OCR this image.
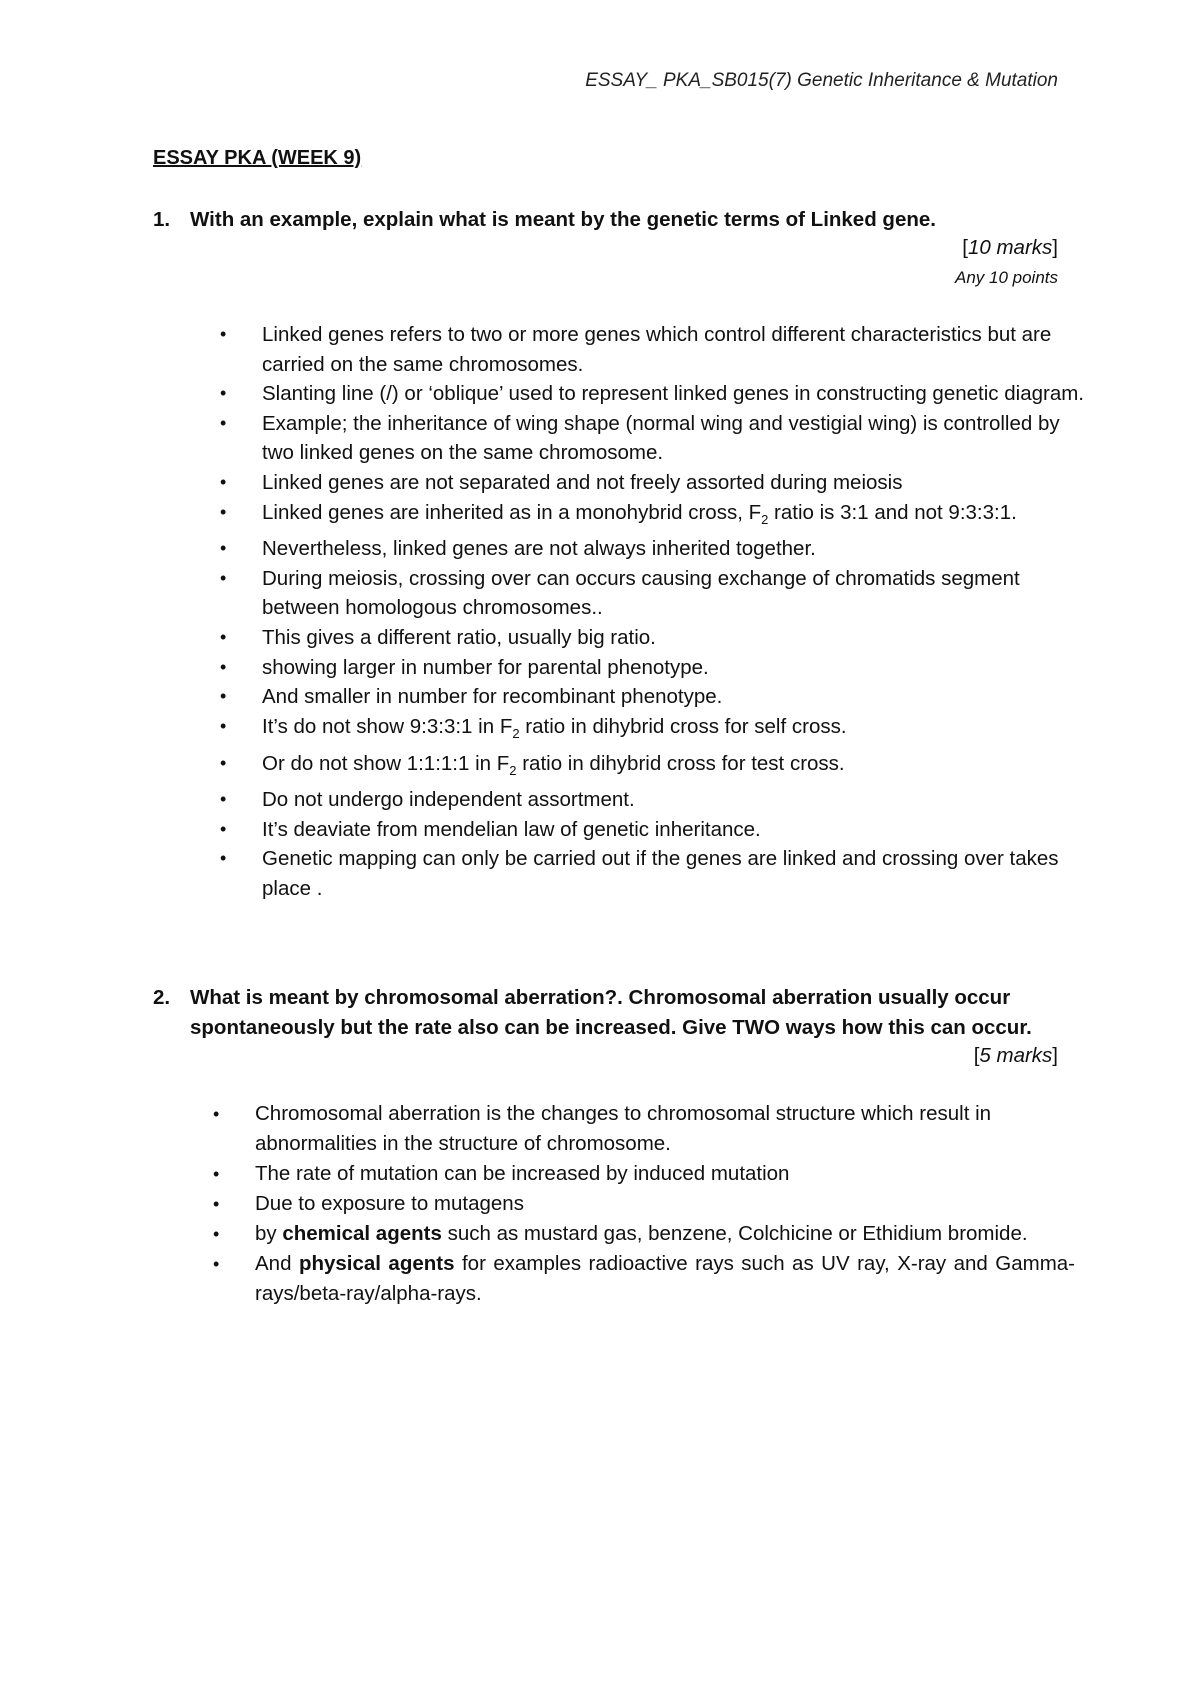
ESSAY_ PKA_SB015(7) Genetic Inheritance & Mutation
ESSAY PKA (WEEK 9)
1. With an example, explain what is meant by the genetic terms of Linked gene.
[10 marks]
Any 10 points
• Linked genes refers to two or more genes which control different characteristics but are carried on the same chromosomes.
• Slanting line (/) or ‘oblique’ used to represent linked genes in constructing genetic diagram.
• Example; the inheritance of wing shape (normal wing and vestigial wing) is controlled by two linked genes on the same chromosome.
• Linked genes are not separated and not freely assorted during meiosis
• Linked genes are inherited as in a monohybrid cross, $F_2$ ratio is 3:1 and not 9:3:3:1.
• Nevertheless, linked genes are not always inherited together.
• During meiosis, crossing over can occurs causing exchange of chromatids segment between homologous chromosomes..
• This gives a different ratio, usually big ratio.
• showing larger in number for parental phenotype.
• And smaller in number for recombinant phenotype.
• It’s do not show 9:3:3:1 in $F_2$ ratio in dihybrid cross for self cross.
• Or do not show 1:1:1:1 in $F_2$ ratio in dihybrid cross for test cross.
• Do not undergo independent assortment.
• It’s deaviate from mendelian law of genetic inheritance.
• Genetic mapping can only be carried out if the genes are linked and crossing over takes place .
2. What is meant by chromosomal aberration?. Chromosomal aberration usually occur spontaneously but the rate also can be increased. Give TWO ways how this can occur.
[5 marks]
• Chromosomal aberration is the changes to chromosomal structure which result in abnormalities in the structure of chromosome.
• The rate of mutation can be increased by induced mutation
• Due to exposure to mutagens
• by chemical agents such as mustard gas, benzene, Colchicine or Ethidium bromide.
• And physical agents for examples radioactive rays such as UV ray, X-ray and Gamma-rays/beta-ray/alpha-rays.
